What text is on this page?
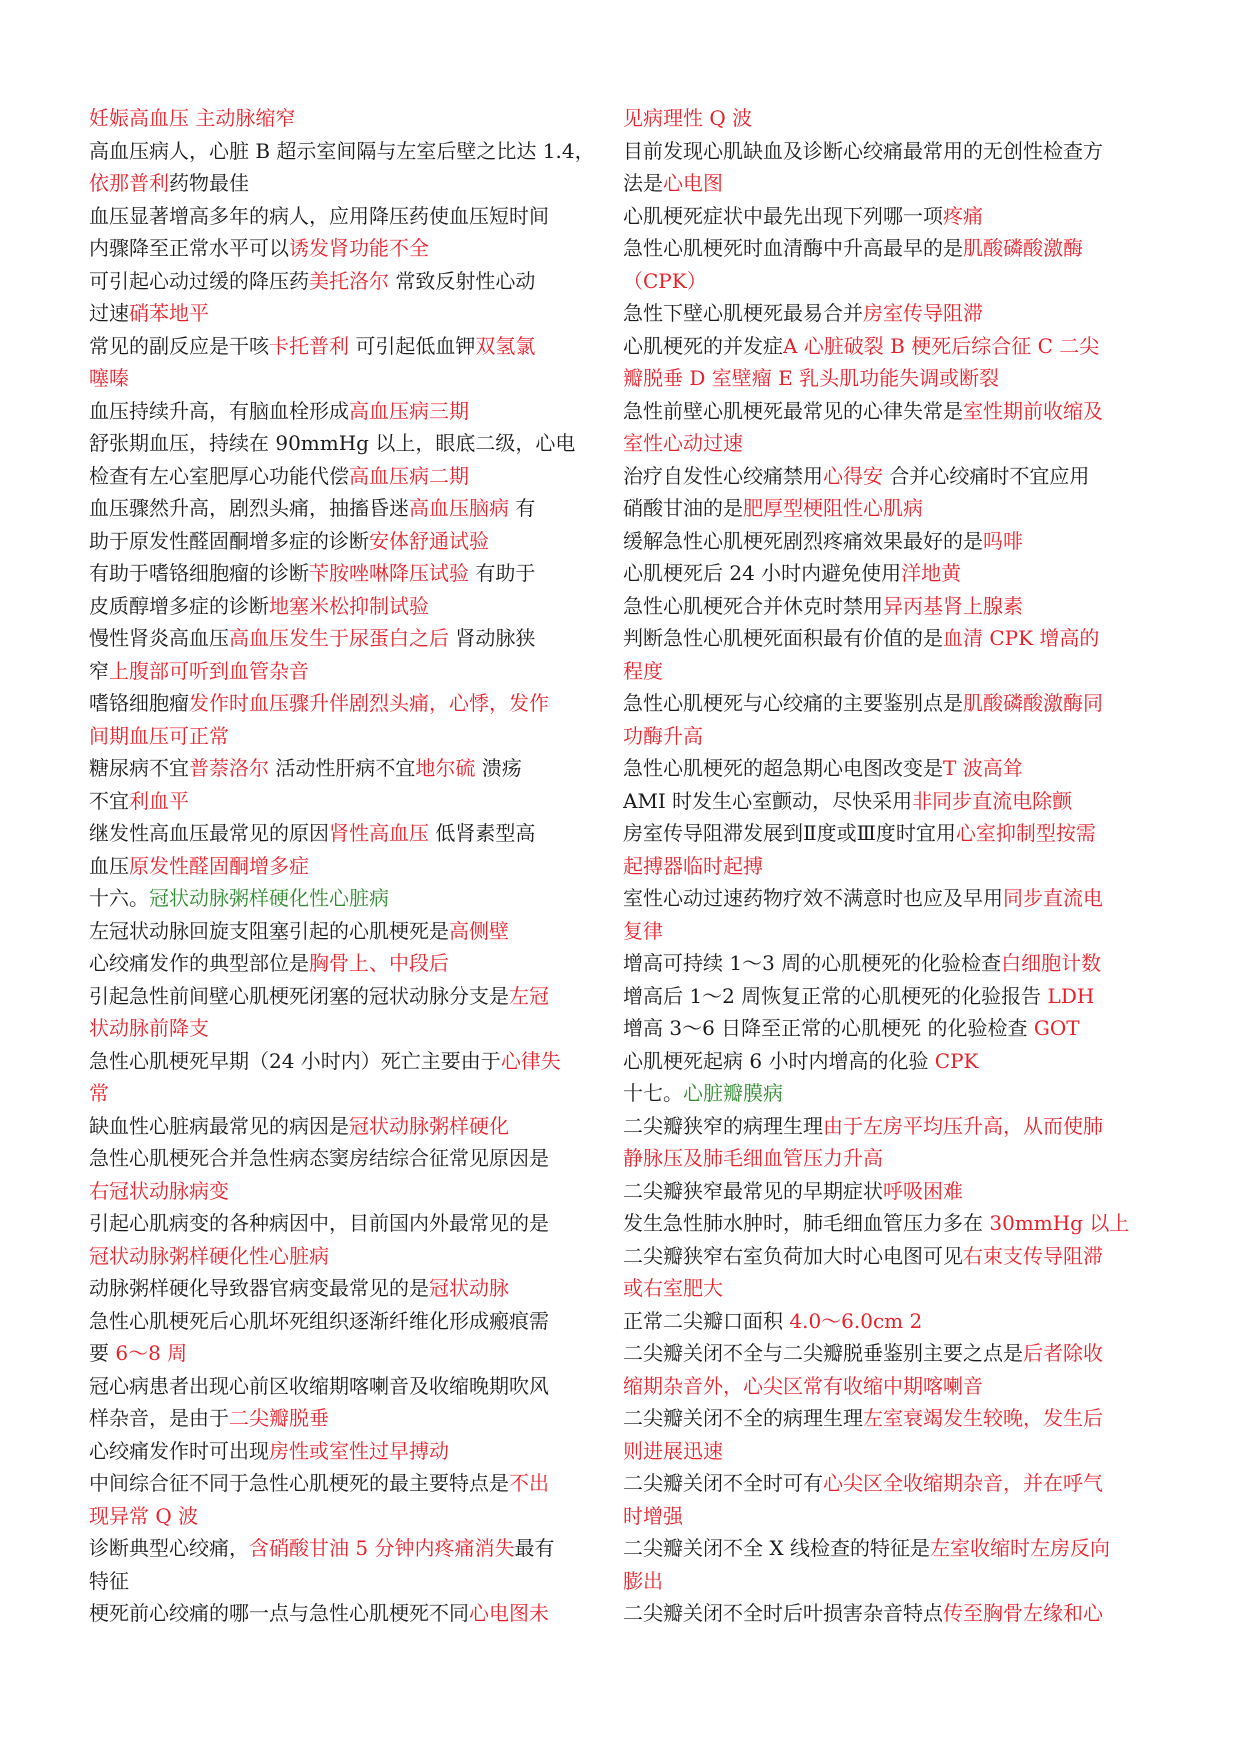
妊娠高血压 主动脉缩窄
高血压病人，心脏 B 超示室间隔与左室后壁之比达 1.4，
依那普利药物最佳
血压显著增高多年的病人，应用降压药使血压短时间
内骤降至正常水平可以诱发肾功能不全
可引起心动过缓的降压药美托洛尔 常致反射性心动
过速硝苯地平
常见的副反应是干咳卡托普利 可引起低血钾双氢氯
噻嗪
血压持续升高，有脑血栓形成高血压病三期
舒张期血压，持续在 90mmHg 以上，眼底二级，心电
检查有左心室肥厚心功能代偿高血压病二期
血压骤然升高，剧烈头痛，抽搐昏迷高血压脑病 有
助于原发性醛固酮增多症的诊断安体舒通试验
有助于嗜铬细胞瘤的诊断苄胺唑啉降压试验 有助于
皮质醇增多症的诊断地塞米松抑制试验
慢性肾炎高血压高血压发生于尿蛋白之后 肾动脉狭
窄上腹部可听到血管杂音
嗜铬细胞瘤发作时血压骤升伴剧烈头痛，心悸，发作
间期血压可正常
糖尿病不宜普萘洛尔 活动性肝病不宜地尔硫 溃疡
不宜利血平
继发性高血压最常见的原因肾性高血压 低肾素型高
血压原发性醛固酮增多症
十六。冠状动脉粥样硬化性心脏病
左冠状动脉回旋支阻塞引起的心肌梗死是高侧壁
心绞痛发作的典型部位是胸骨上、中段后
引起急性前间壁心肌梗死闭塞的冠状动脉分支是左冠
状动脉前降支
急性心肌梗死早期（24 小时内）死亡主要由于心律失
常
缺血性心脏病最常见的病因是冠状动脉粥样硬化
急性心肌梗死合并急性病态窦房结综合征常见原因是
右冠状动脉病变
引起心肌病变的各种病因中，目前国内外最常见的是
冠状动脉粥样硬化性心脏病
动脉粥样硬化导致器官病变最常见的是冠状动脉
急性心肌梗死后心肌坏死组织逐渐纤维化形成瘢痕需
要 6～8 周
冠心病患者出现心前区收缩期喀喇音及收缩晚期吹风
样杂音，是由于二尖瓣脱垂
心绞痛发作时可出现房性或室性过早搏动
中间综合征不同于急性心肌梗死的最主要特点是不出
现异常 Q 波
诊断典型心绞痛，含硝酸甘油 5 分钟内疼痛消失最有
特征
梗死前心绞痛的哪一点与急性心肌梗死不同心电图未
见病理性 Q 波
目前发现心肌缺血及诊断心绞痛最常用的无创性检查方
法是心电图
心肌梗死症状中最先出现下列哪一项疼痛
急性心肌梗死时血清酶中升高最早的是肌酸磷酸激酶
（CPK）
急性下壁心肌梗死最易合并房室传导阻滞
心肌梗死的并发症A 心脏破裂 B 梗死后综合征 C 二尖
瓣脱垂 D 室壁瘤 E 乳头肌功能失调或断裂
急性前壁心肌梗死最常见的心律失常是室性期前收缩及
室性心动过速
治疗自发性心绞痛禁用心得安 合并心绞痛时不宜应用
硝酸甘油的是肥厚型梗阻性心肌病
缓解急性心肌梗死剧烈疼痛效果最好的是吗啡
心肌梗死后 24 小时内避免使用洋地黄
急性心肌梗死合并休克时禁用异丙基肾上腺素
判断急性心肌梗死面积最有价值的是血清 CPK 增高的
程度
急性心肌梗死与心绞痛的主要鉴别点是肌酸磷酸激酶同
功酶升高
急性心肌梗死的超急期心电图改变是T 波高耸
AMI 时发生心室颤动，尽快采用非同步直流电除颤
房室传导阻滞发展到Ⅱ度或Ⅲ度时宜用心室抑制型按需
起搏器临时起搏
室性心动过速药物疗效不满意时也应及早用同步直流电
复律
增高可持续 1～3 周的心肌梗死的化验检查白细胞计数
增高后 1～2 周恢复正常的心肌梗死的化验报告 LDH
增高 3～6 日降至正常的心肌梗死 的化验检查 GOT
心肌梗死起病 6 小时内增高的化验 CPK
十七。心脏瓣膜病
二尖瓣狭窄的病理生理由于左房平均压升高，从而使肺
静脉压及肺毛细血管压力升高
二尖瓣狭窄最常见的早期症状呼吸困难
发生急性肺水肿时，肺毛细血管压力多在 30mmHg 以上
二尖瓣狭窄右室负荷加大时心电图可见右束支传导阻滞
或右室肥大
正常二尖瓣口面积 4.0～6.0cm 2
二尖瓣关闭不全与二尖瓣脱垂鉴别主要之点是后者除收
缩期杂音外，心尖区常有收缩中期喀喇音
二尖瓣关闭不全的病理生理左室衰竭发生较晚，发生后
则进展迅速
二尖瓣关闭不全时可有心尖区全收缩期杂音，并在呼气
时增强
二尖瓣关闭不全 X 线检查的特征是左室收缩时左房反向
膨出
二尖瓣关闭不全时后叶损害杂音特点传至胸骨左缘和心
